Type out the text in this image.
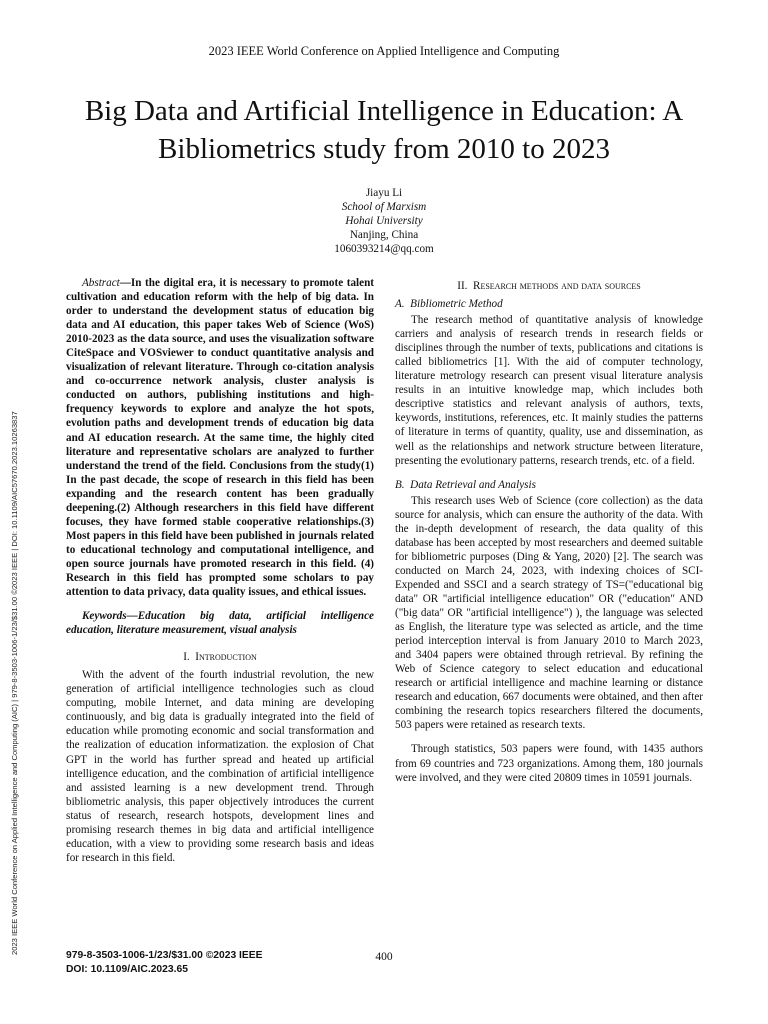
2023 IEEE World Conference on Applied Intelligence and Computing
Big Data and Artificial Intelligence in Education: A Bibliometrics study from 2010 to 2023
Jiayu Li
School of Marxism
Hohai University
Nanjing, China
1060393214@qq.com
2023 IEEE World Conference on Applied Intelligence and Computing (AIC) | 979-8-3503-1006-1/23/$31.00 ©2023 IEEE | DOI: 10.1109/AIC57670.2023.10263837

Abstract—In the digital era, it is necessary to promote talent cultivation and education reform with the help of big data. In order to understand the development status of education big data and AI education, this paper takes Web of Science (WoS) 2010-2023 as the data source, and uses the visualization software CiteSpace and VOSviewer to conduct quantitative analysis and visualization of relevant literature. Through co-citation analysis and co-occurrence network analysis, cluster analysis is conducted on authors, publishing institutions and high-frequency keywords to explore and analyze the hot spots, evolution paths and development trends of education big data and AI education research. At the same time, the highly cited literature and representative scholars are analyzed to further understand the trend of the field. Conclusions from the study(1) In the past decade, the scope of research in this field has been expanding and the research content has been gradually deepening.(2) Although researchers in this field have different focuses, they have formed stable cooperative relationships.(3) Most papers in this field have been published in journals related to educational technology and computational intelligence, and open source journals have promoted research in this field. (4) Research in this field has prompted some scholars to pay attention to data privacy, data quality issues, and ethical issues.

Keywords—Education big data, artificial intelligence education, literature measurement, visual analysis

I. Introduction

With the advent of the fourth industrial revolution, the new generation of artificial intelligence technologies such as cloud computing, mobile Internet, and data mining are developing continuously, and big data is gradually integrated into the field of education while promoting economic and social transformation and the realization of education informatization. the explosion of Chat GPT in the world has further spread and heated up artificial intelligence education, and the combination of artificial intelligence and assisted learning is a new development trend. Through bibliometric analysis, this paper objectively introduces the current status of research, research hotspots, development lines and promising research themes in big data and artificial intelligence education, with a view to providing some research basis and ideas for research in this field.

II. Research methods and data sources

A. Bibliometric Method

The research method of quantitative analysis of knowledge carriers and analysis of research trends in research fields or disciplines through the number of texts, publications and citations is called bibliometrics [1]. With the aid of computer technology, literature metrology research can present visual literature analysis results in an intuitive knowledge map, which includes both descriptive statistics and relevant analysis of authors, texts, keywords, institutions, references, etc. It mainly studies the patterns of literature in terms of quantity, quality, use and dissemination, as well as the relationships and network structure between literature, presenting the evolutionary patterns, research trends, etc. of a field.

B. Data Retrieval and Analysis

This research uses Web of Science (core collection) as the data source for analysis, which can ensure the authority of the data. With the in-depth development of research, the data quality of this database has been accepted by most researchers and deemed suitable for bibliometric purposes (Ding & Yang, 2020) [2]. The search was conducted on March 24, 2023, with indexing choices of SCI-Expended and SSCI and a search strategy of TS=("educational big data" OR "artificial intelligence education" OR ("education" AND ("big data" OR "artificial intelligence") ), the language was selected as English, the literature type was selected as article, and the time period interception interval is from January 2010 to March 2023, and 3404 papers were obtained through retrieval. By refining the Web of Science category to select education and educational research or artificial intelligence and machine learning or distance research and education, 667 documents were obtained, and then after combining the research topics researchers filtered the documents, 503 papers were retained as research texts.

Through statistics, 503 papers were found, with 1435 authors from 69 countries and 723 organizations. Among them, 180 journals were involved, and they were cited 20809 times in 10591 journals.

979-8-3503-1006-1/23/$31.00 ©2023 IEEE
DOI: 10.1109/AIC.2023.65
400
